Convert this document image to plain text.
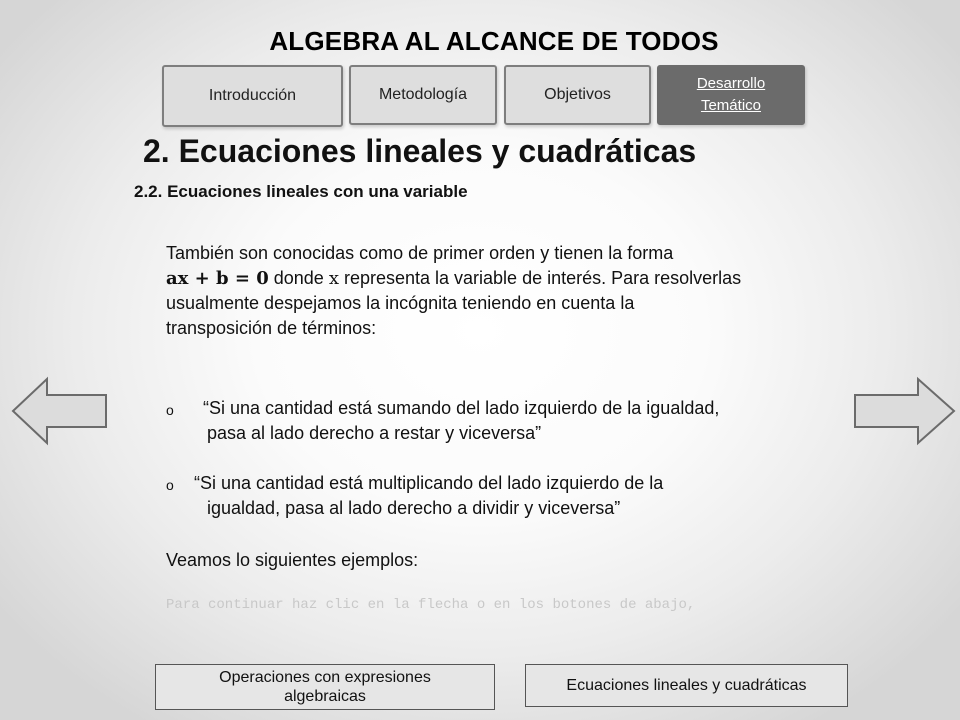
ALGEBRA AL ALCANCE DE TODOS
Introducción	Metodología	Objetivos
Desarrollo
Temático
2. Ecuaciones lineales y cuadráticas
2.2. Ecuaciones lineales con una variable
También son conocidas como de primer orden y tienen la forma
ax + b = 0 donde x representa la variable de interés. Para resolverlas
usualmente despejamos la incógnita teniendo en cuenta la
transposición de términos:
o	“Si una cantidad está sumando del lado izquierdo de la igualdad,
pasa al lado derecho a restar y viceversa”
o	“Si una cantidad está multiplicando del lado izquierdo de la
igualdad, pasa al lado derecho a dividir y viceversa”
Veamos lo siguientes ejemplos:
Para continuar haz clic en la flecha o en los botones de abajo,
Operaciones con expresiones
algebraicas
Ecuaciones lineales y cuadráticas
